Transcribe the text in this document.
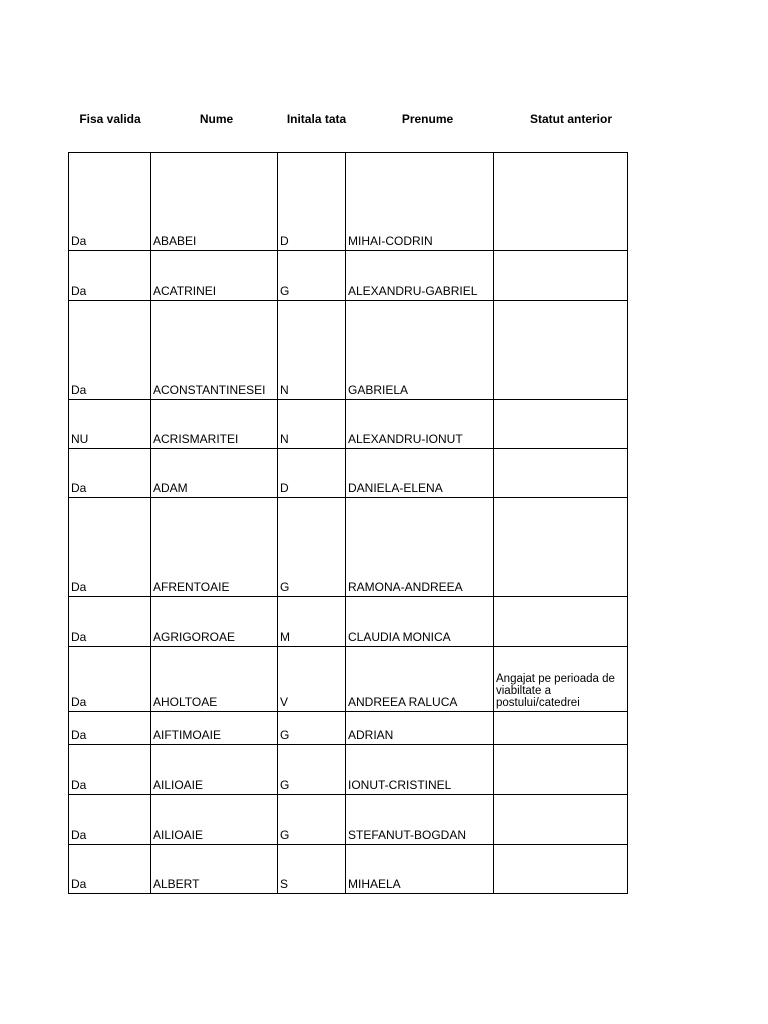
Fisa valida	Nume	Initala tata	Prenume	Statut anterior
Da	ABABEI	D	MIHAI-CODRIN	
Da	ACATRINEI	G	ALEXANDRU-GABRIEL	
Da	ACONSTANTINESEI	N	GABRIELA	
NU	ACRISMARITEI	N	ALEXANDRU-IONUT	
Da	ADAM	D	DANIELA-ELENA	
Da	AFRENTOAIE	G	RAMONA-ANDREEA	
Da	AGRIGOROAE	M	CLAUDIA MONICA	
Da	AHOLTOAE	V	ANDREEA RALUCA	Angajat pe perioada de viabiltate a postului/catedrei
Da	AIFTIMOAIE	G	ADRIAN	
Da	AILIOAIE	G	IONUT-CRISTINEL	
Da	AILIOAIE	G	STEFANUT-BOGDAN	
Da	ALBERT	S	MIHAELA	
